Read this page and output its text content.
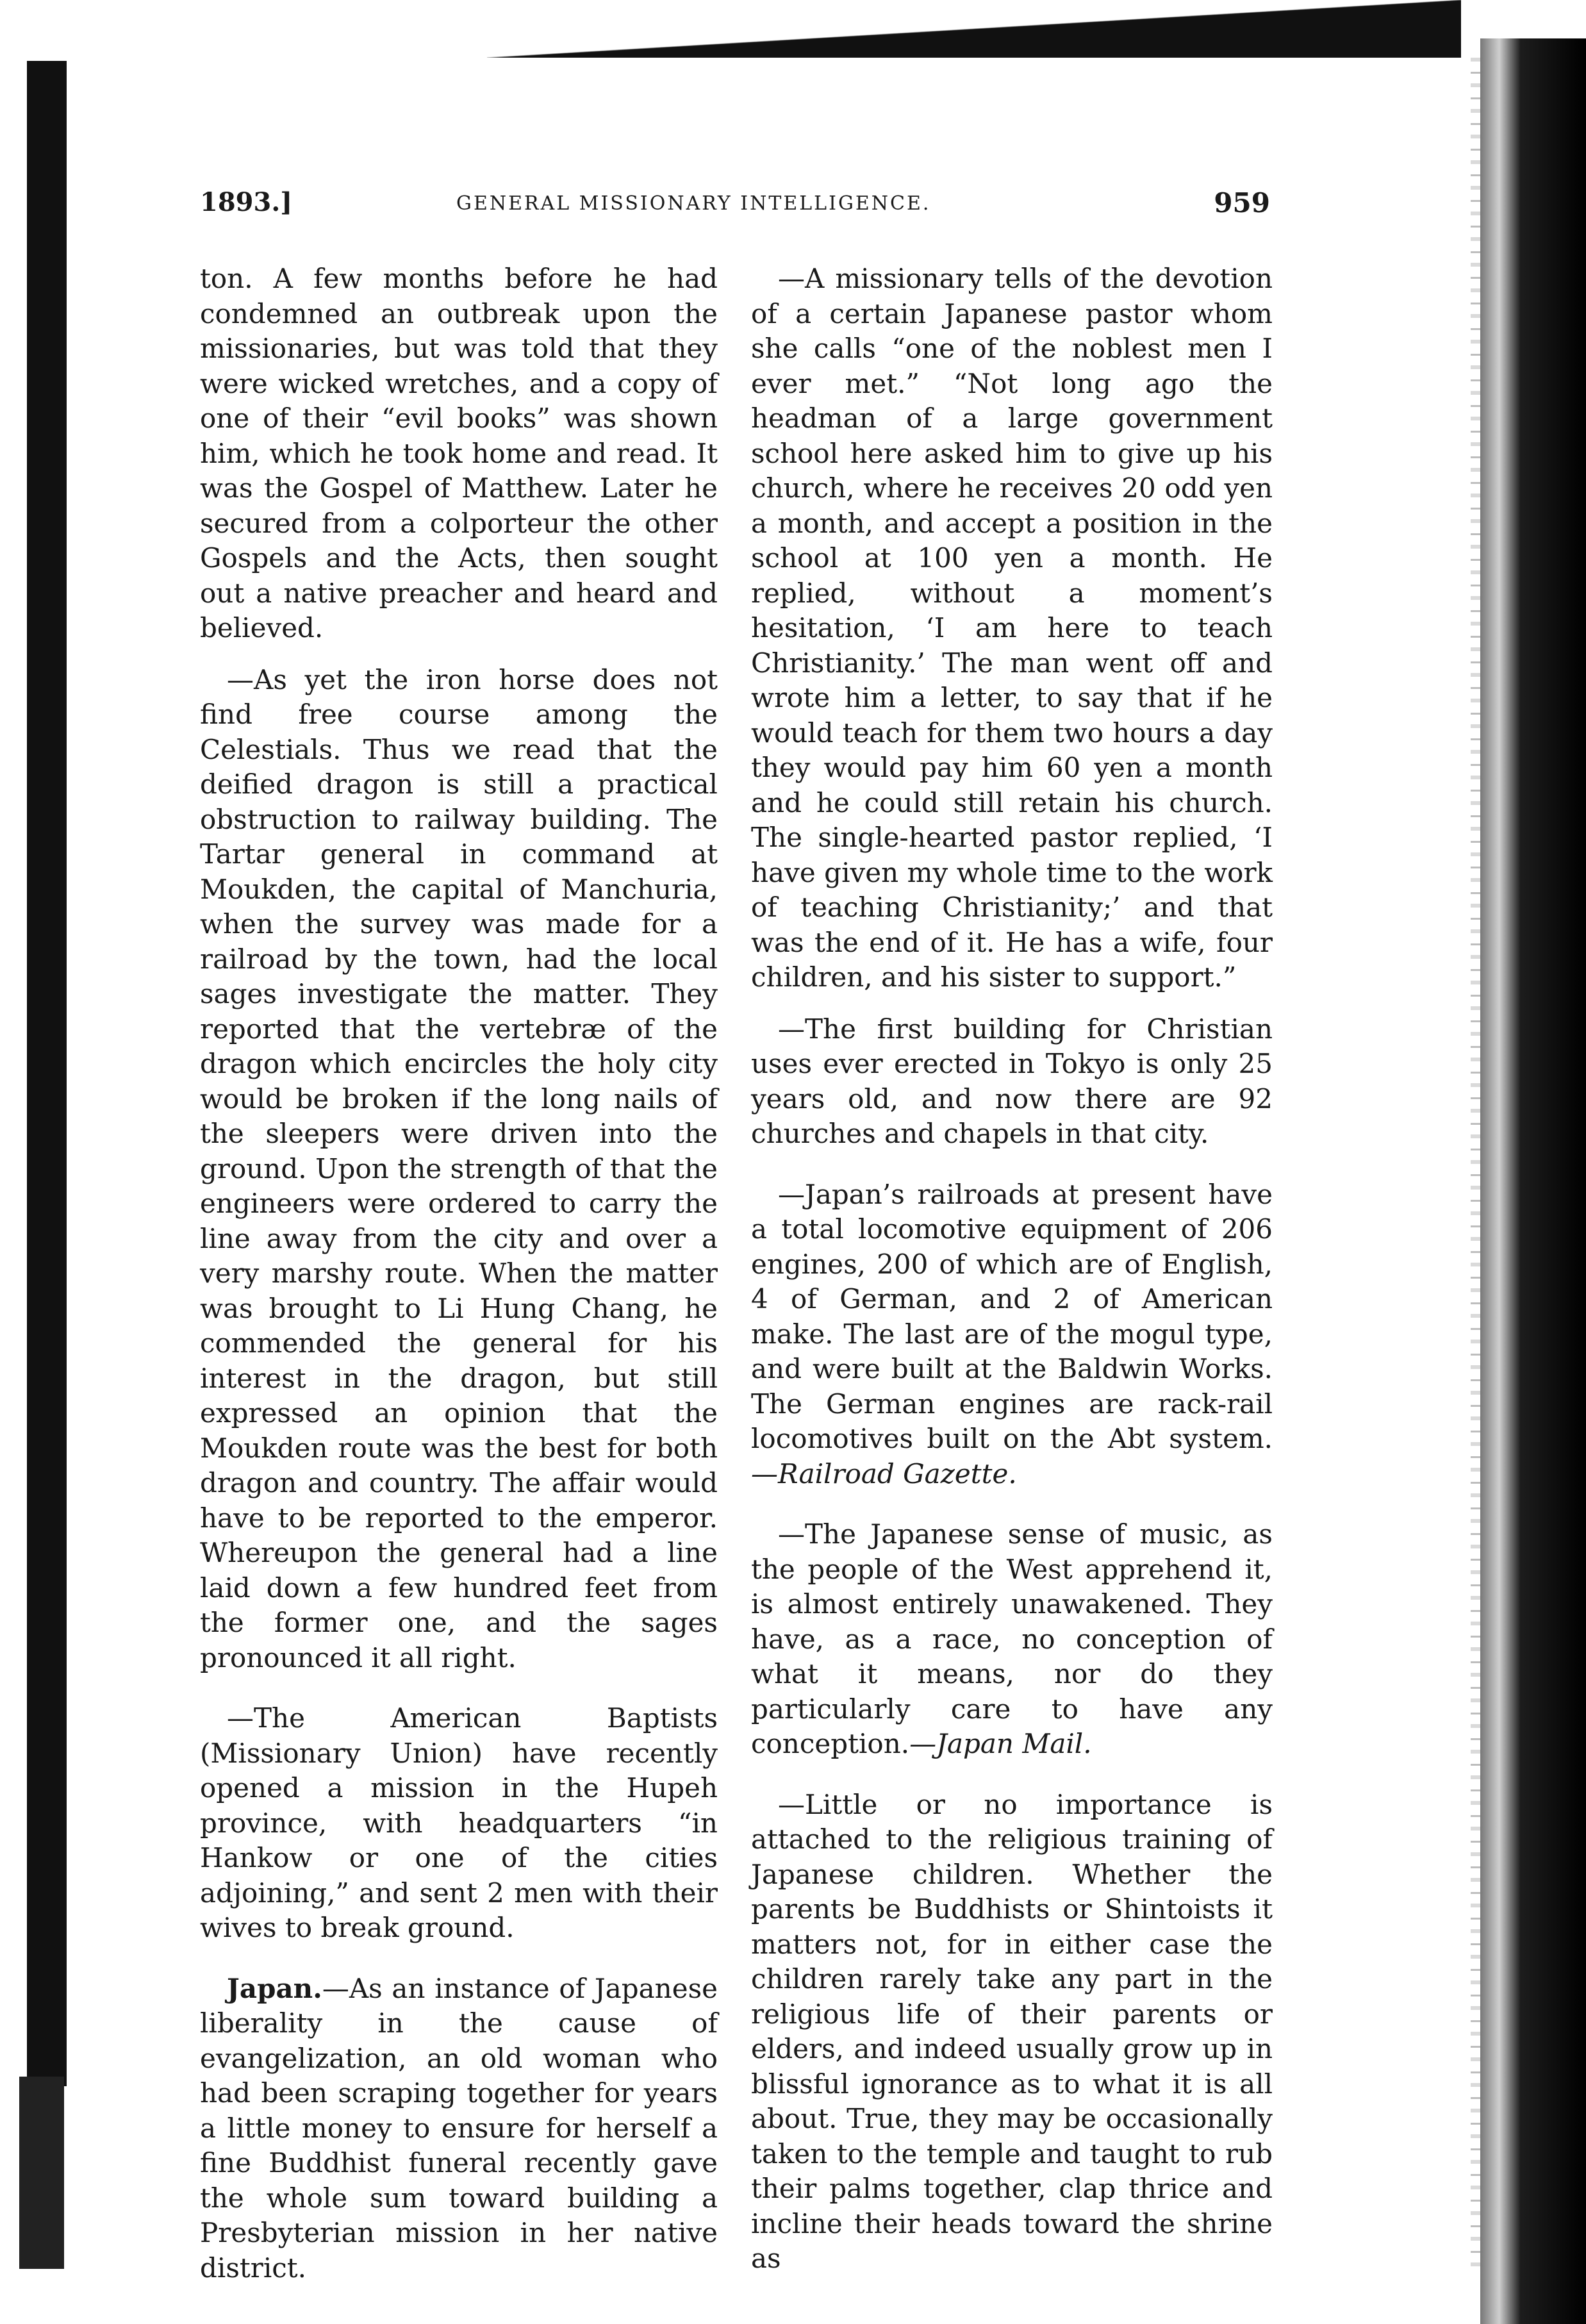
1893.]	GENERAL MISSIONARY INTELLIGENCE.	959

ton. A few months before he had condemned an outbreak upon the missionaries, but was told that they were wicked wretches, and a copy of one of their “evil books” was shown him, which he took home and read. It was the Gospel of Matthew. Later he secured from a colporteur the other Gospels and the Acts, then sought out a native preacher and heard and believed.

—As yet the iron horse does not find free course among the Celestials. Thus we read that the deified dragon is still a practical obstruction to railway building. The Tartar general in command at Moukden, the capital of Manchuria, when the survey was made for a railroad by the town, had the local sages investigate the matter. They reported that the vertebræ of the dragon which encircles the holy city would be broken if the long nails of the sleepers were driven into the ground. Upon the strength of that the engineers were ordered to carry the line away from the city and over a very marshy route. When the matter was brought to Li Hung Chang, he commended the general for his interest in the dragon, but still expressed an opinion that the Moukden route was the best for both dragon and country. The affair would have to be reported to the emperor. Whereupon the general had a line laid down a few hundred feet from the former one, and the sages pronounced it all right.

—The American Baptists (Missionary Union) have recently opened a mission in the Hupeh province, with headquarters “in Hankow or one of the cities adjoining,” and sent 2 men with their wives to break ground.

Japan.—As an instance of Japanese liberality in the cause of evangelization, an old woman who had been scraping together for years a little money to ensure for herself a fine Buddhist funeral recently gave the whole sum toward building a Presbyterian mission in her native district.

—A missionary tells of the devotion of a certain Japanese pastor whom she calls “one of the noblest men I ever met.” “Not long ago the headman of a large government school here asked him to give up his church, where he receives 20 odd yen a month, and accept a position in the school at 100 yen a month. He replied, without a moment’s hesitation, ‘I am here to teach Christianity.’ The man went off and wrote him a letter, to say that if he would teach for them two hours a day they would pay him 60 yen a month and he could still retain his church. The single-hearted pastor replied, ‘I have given my whole time to the work of teaching Christianity;’ and that was the end of it. He has a wife, four children, and his sister to support.”

—The first building for Christian uses ever erected in Tokyo is only 25 years old, and now there are 92 churches and chapels in that city.

—Japan’s railroads at present have a total locomotive equipment of 206 engines, 200 of which are of English, 4 of German, and 2 of American make. The last are of the mogul type, and were built at the Baldwin Works. The German engines are rack-rail locomotives built on the Abt system.—Railroad Gazette.

—The Japanese sense of music, as the people of the West apprehend it, is almost entirely unawakened. They have, as a race, no conception of what it means, nor do they particularly care to have any conception.—Japan Mail.

—Little or no importance is attached to the religious training of Japanese children. Whether the parents be Buddhists or Shintoists it matters not, for in either case the children rarely take any part in the religious life of their parents or elders, and indeed usually grow up in blissful ignorance as to what it is all about. True, they may be occasionally taken to the temple and taught to rub their palms together, clap thrice and incline their heads toward the shrine as
